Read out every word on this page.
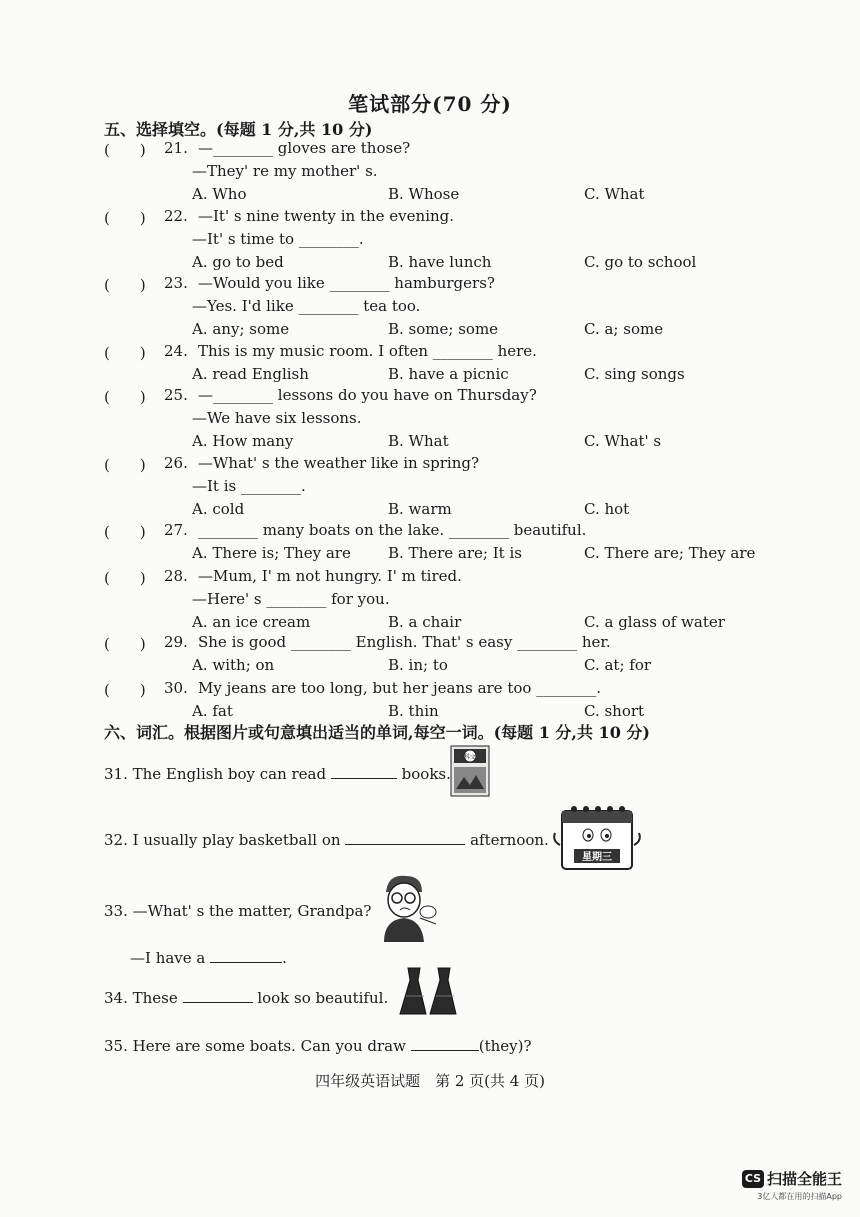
笔试部分(70 分)
五、选择填空。(每题 1 分,共 10 分)
(　　) 21. —________ gloves are those?
—They' re my mother' s.
A. Who	B. Whose	C. What
(　　) 22. —It' s nine twenty in the evening.
—It' s time to ________.
A. go to bed	B. have lunch	C. go to school
(　　) 23. —Would you like ________ hamburgers?
—Yes. I'd like ________ tea too.
A. any; some	B. some; some	C. a; some
(　　) 24. This is my music room. I often ________ here.
A. read English	B. have a picnic	C. sing songs
(　　) 25. —________ lessons do you have on Thursday?
—We have six lessons.
A. How many	B. What	C. What' s
(　　) 26. —What' s the weather like in spring?
—It is ________.
A. cold	B. warm	C. hot
(　　) 27. ________ many boats on the lake. ________ beautiful.
A. There is; They are B. There are; It is	C. There are; They are
(　　) 28. —Mum, I' m not hungry. I' m tired.
—Here' s ________ for you.
A. an ice cream	B. a chair	C. a glass of water
(　　) 29. She is good ________ English. That' s easy ________ her.
A. with; on	B. in; to	C. at; for
(　　) 30. My jeans are too long, but her jeans are too ________.
A. fat	B. thin	C. short
六、词汇。根据图片或句意填出适当的单词,每空一词。(每题 1 分,共 10 分)
31. The English boy can read	books.
科文
32. I usually play basketball on	afternoon.
星期三
33. —What' s the matter, Grandpa?
—I have a	.
34. These	look so beautiful.
35. Here are some boats. Can you draw	(they)?
四年级英语试题　第 2 页(共 4 页)
CS 扫描全能王
3亿人都在用的扫描App
